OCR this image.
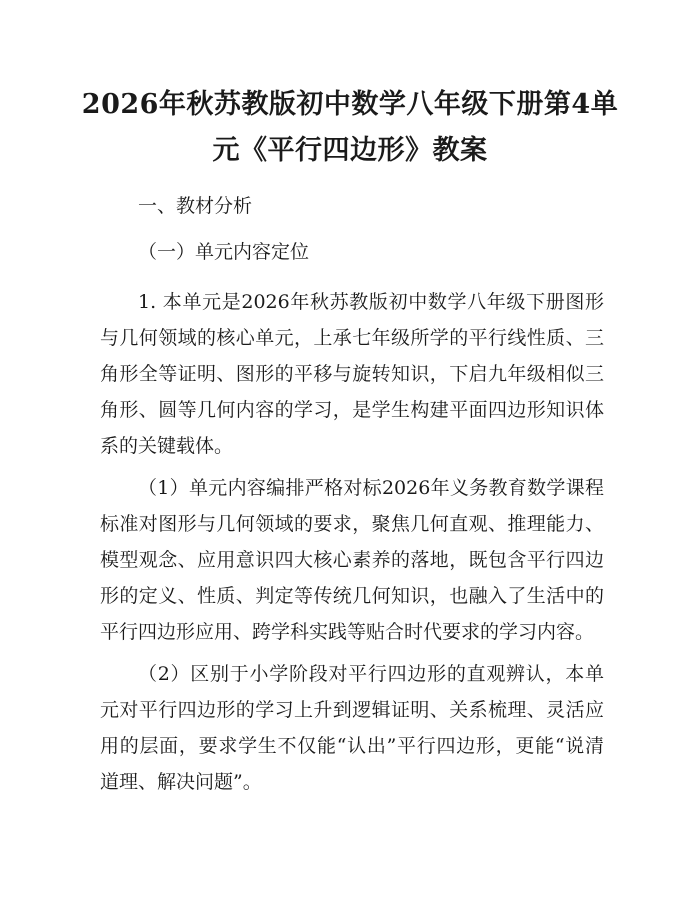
2026年秋苏教版初中数学八年级下册第4单
元《平行四边形》教案
一、教材分析
（一）单元内容定位

1. 本单元是2026年秋苏教版初中数学八年级下册图形与几何领域的核心单元，上承七年级所学的平行线性质、三角形全等证明、图形的平移与旋转知识，下启九年级相似三角形、圆等几何内容的学习，是学生构建平面四边形知识体系的关键载体。

（1）单元内容编排严格对标2026年义务教育数学课程标准对图形与几何领域的要求，聚焦几何直观、推理能力、模型观念、应用意识四大核心素养的落地，既包含平行四边形的定义、性质、判定等传统几何知识，也融入了生活中的平行四边形应用、跨学科实践等贴合时代要求的学习内容。

（2）区别于小学阶段对平行四边形的直观辨认，本单元对平行四边形的学习上升到逻辑证明、关系梳理、灵活应用的层面，要求学生不仅能“认出”平行四边形，更能“说清道理、解决问题”。
